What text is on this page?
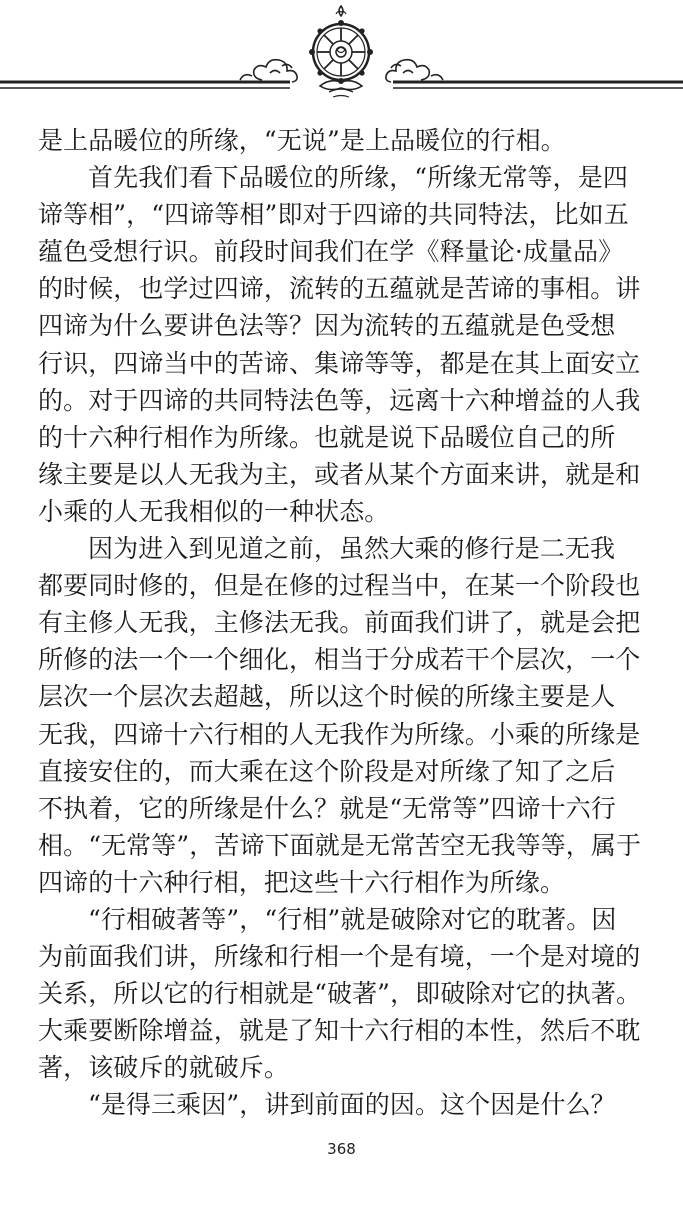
是上品暖位的所缘，“无说”是上品暖位的行相。
首先我们看下品暖位的所缘，“所缘无常等，是四
谛等相”，“四谛等相”即对于四谛的共同特法，比如五
蕴色受想行识。前段时间我们在学《释量论·成量品》
的时候，也学过四谛，流转的五蕴就是苦谛的事相。讲
四谛为什么要讲色法等？因为流转的五蕴就是色受想
行识，四谛当中的苦谛、集谛等等，都是在其上面安立
的。对于四谛的共同特法色等，远离十六种增益的人我
的十六种行相作为所缘。也就是说下品暖位自己的所
缘主要是以人无我为主，或者从某个方面来讲，就是和
小乘的人无我相似的一种状态。
因为进入到见道之前，虽然大乘的修行是二无我
都要同时修的，但是在修的过程当中，在某一个阶段也
有主修人无我，主修法无我。前面我们讲了，就是会把
所修的法一个一个细化，相当于分成若干个层次，一个
层次一个层次去超越，所以这个时候的所缘主要是人
无我，四谛十六行相的人无我作为所缘。小乘的所缘是
直接安住的，而大乘在这个阶段是对所缘了知了之后
不执着，它的所缘是什么？就是“无常等”四谛十六行
相。“无常等”，苦谛下面就是无常苦空无我等等，属于
四谛的十六种行相，把这些十六行相作为所缘。
“行相破著等”，“行相”就是破除对它的耽著。因
为前面我们讲，所缘和行相一个是有境，一个是对境的
关系，所以它的行相就是“破著”，即破除对它的执著。
大乘要断除增益，就是了知十六行相的本性，然后不耽
著，该破斥的就破斥。
“是得三乘因”，讲到前面的因。这个因是什么？
368
